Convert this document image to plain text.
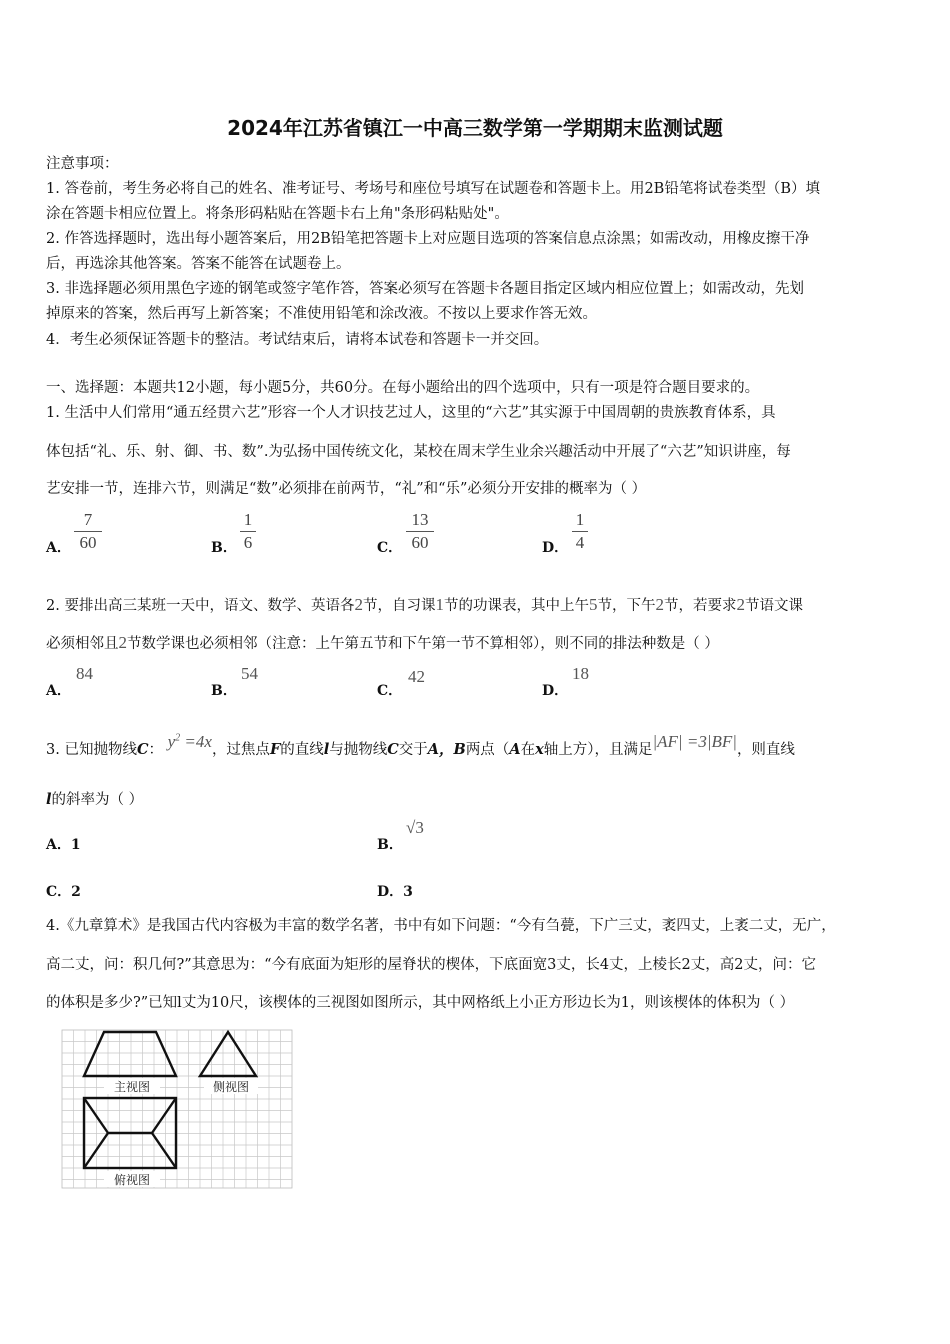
2024年江苏省镇江一中高三数学第一学期期末监测试题
注意事项：
1. 答卷前，考生务必将自己的姓名、准考证号、考场号和座位号填写在试题卷和答题卡上。用2B铅笔将试卷类型（B）填
涂在答题卡相应位置上。将条形码粘贴在答题卡右上角"条形码粘贴处"。
2. 作答选择题时，选出每小题答案后，用2B铅笔把答题卡上对应题目选项的答案信息点涂黑；如需改动，用橡皮擦干净
后，再选涂其他答案。答案不能答在试题卷上。
3. 非选择题必须用黑色字迹的钢笔或签字笔作答，答案必须写在答题卡各题目指定区域内相应位置上；如需改动，先划
掉原来的答案，然后再写上新答案；不准使用铅笔和涂改液。不按以上要求作答无效。
4．考生必须保证答题卡的整洁。考试结束后，请将本试卷和答题卡一并交回。
一、选择题：本题共12小题，每小题5分，共60分。在每小题给出的四个选项中，只有一项是符合题目要求的。
1. 生活中人们常用“通五经贯六艺”形容一个人才识技艺过人，这里的“六艺”其实源于中国周朝的贵族教育体系，具
体包括“礼、乐、射、御、书、数”.为弘扬中国传统文化，某校在周末学生业余兴趣活动中开展了“六艺”知识讲座，每
艺安排一节，连排六节，则满足“数”必须排在前两节，“礼”和“乐”必须分开安排的概率为（ ）
A．
7
60	B．
1
6	C．
13
60	D．
1
4
2. 要排出高三某班一天中，语文、数学、英语各2节，自习课1节的功课表，其中上午5节，下午2节，若要求2节语文课
必须相邻且2节数学课也必须相邻（注意：上午第五节和下午第一节不算相邻），则不同的排法种数是（ ）
A．
84
B．
54
C．
42
D．
18
3. 已知抛物线C： $y^2 =4x$，过焦点F的直线l与抛物线C交于A，B两点（A在x轴上方），且满足|AF| =3|BF|，则直线
l的斜率为（ ）
A．1	B．
√3
C．2	D．3
4.《九章算术》是我国古代内容极为丰富的数学名著，书中有如下问题：“今有刍甍，下广三丈，袤四丈，上袤二丈，无广，
高二丈，问：积几何?”其意思为：“今有底面为矩形的屋脊状的楔体，下底面宽3丈，长4丈，上棱长2丈，高2丈，问：它
的体积是多少?”已知l丈为10尺，该楔体的三视图如图所示，其中网格纸上小正方形边长为1，则该楔体的体积为（ ）
主视图	侧视图
俯视图
